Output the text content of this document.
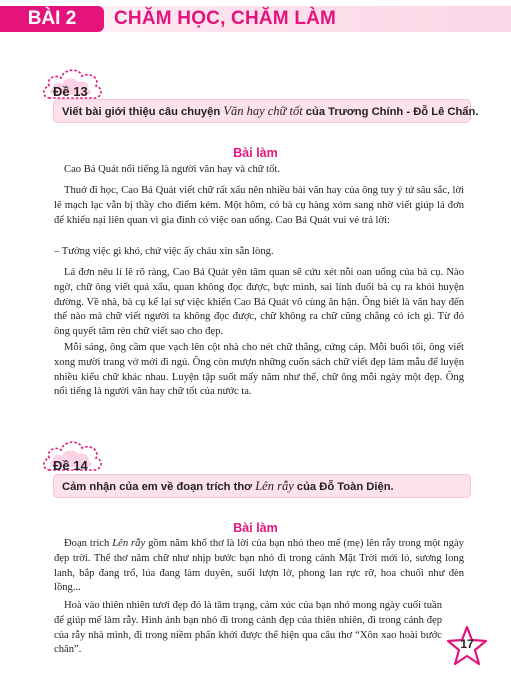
BÀI 2	CHĂM HỌC, CHĂM LÀM
Đề 13
Viết bài giới thiệu câu chuyện Văn hay chữ tốt của Trương Chính - Đỗ Lê Chẩn.
Bài làm

Cao Bá Quát nổi tiếng là người văn hay và chữ tốt.

Thuở đi học, Cao Bá Quát viết chữ rất xấu nên nhiều bài văn hay của ông tuy ý tứ sâu sắc, lời lẽ mạch lạc vẫn bị thầy cho điểm kém. Một hôm, có bà cụ hàng xóm sang nhờ viết giúp lá đơn để khiếu nại liên quan vì gia đình có việc oan uổng. Cao Bá Quát vui vẻ trả lời:

– Tưởng việc gì khó, chứ việc ấy cháu xin sẵn lòng.

Lá đơn nêu lí lẽ rõ ràng, Cao Bá Quát yên tâm quan sẽ cứu xét nỗi oan uổng của bà cụ. Nào ngờ, chữ ông viết quá xấu, quan không đọc được, bực mình, sai lính đuổi bà cụ ra khỏi huyện đường. Về nhà, bà cụ kể lại sự việc khiến Cao Bá Quát vô cùng ân hận. Ông biết là văn hay đến thế nào mà chữ viết người ta không đọc được, chữ không ra chữ cũng chẳng có ích gì. Từ đó ông quyết tâm rèn chữ viết sao cho đẹp.

Mỗi sáng, ông cầm que vạch lên cột nhà cho nét chữ thẳng, cứng cáp. Mỗi buổi tối, ông viết xong mười trang vở mới đi ngủ. Ông còn mượn những cuốn sách chữ viết đẹp làm mẫu để luyện nhiều kiểu chữ khác nhau. Luyện tập suốt mấy năm như thế, chữ ông mỗi ngày một đẹp. Ông nổi tiếng là người văn hay chữ tốt của nước ta.

Đề 14
Cảm nhận của em về đoạn trích thơ Lên rẫy của Đỗ Toàn Diện.
Bài làm

Đoạn trích Lên rẫy gồm năm khổ thơ là lời của bạn nhỏ theo mế (mẹ) lên rẫy trong một ngày đẹp trời. Thế thơ năm chữ như nhịp bước bạn nhỏ đi trong cảnh Mặt Trời mới ló, sương long lanh, bắp đang trổ, lúa đang làm duyên, suối lượn lờ, phong lan rực rỡ, hoa chuối như đèn lồng...

Hoà vào thiên nhiên tươi đẹp đó là tâm trạng, cảm xúc của bạn nhỏ mong ngày cuối tuần để giúp mế làm rẫy. Hình ảnh bạn nhỏ đi trong cảnh đẹp của thiên nhiên, đi trong cảnh đẹp của rẫy nhà mình, đi trong niềm phấn khởi được thể hiện qua câu thơ “Xôn xao hoài bước chân”.	17
